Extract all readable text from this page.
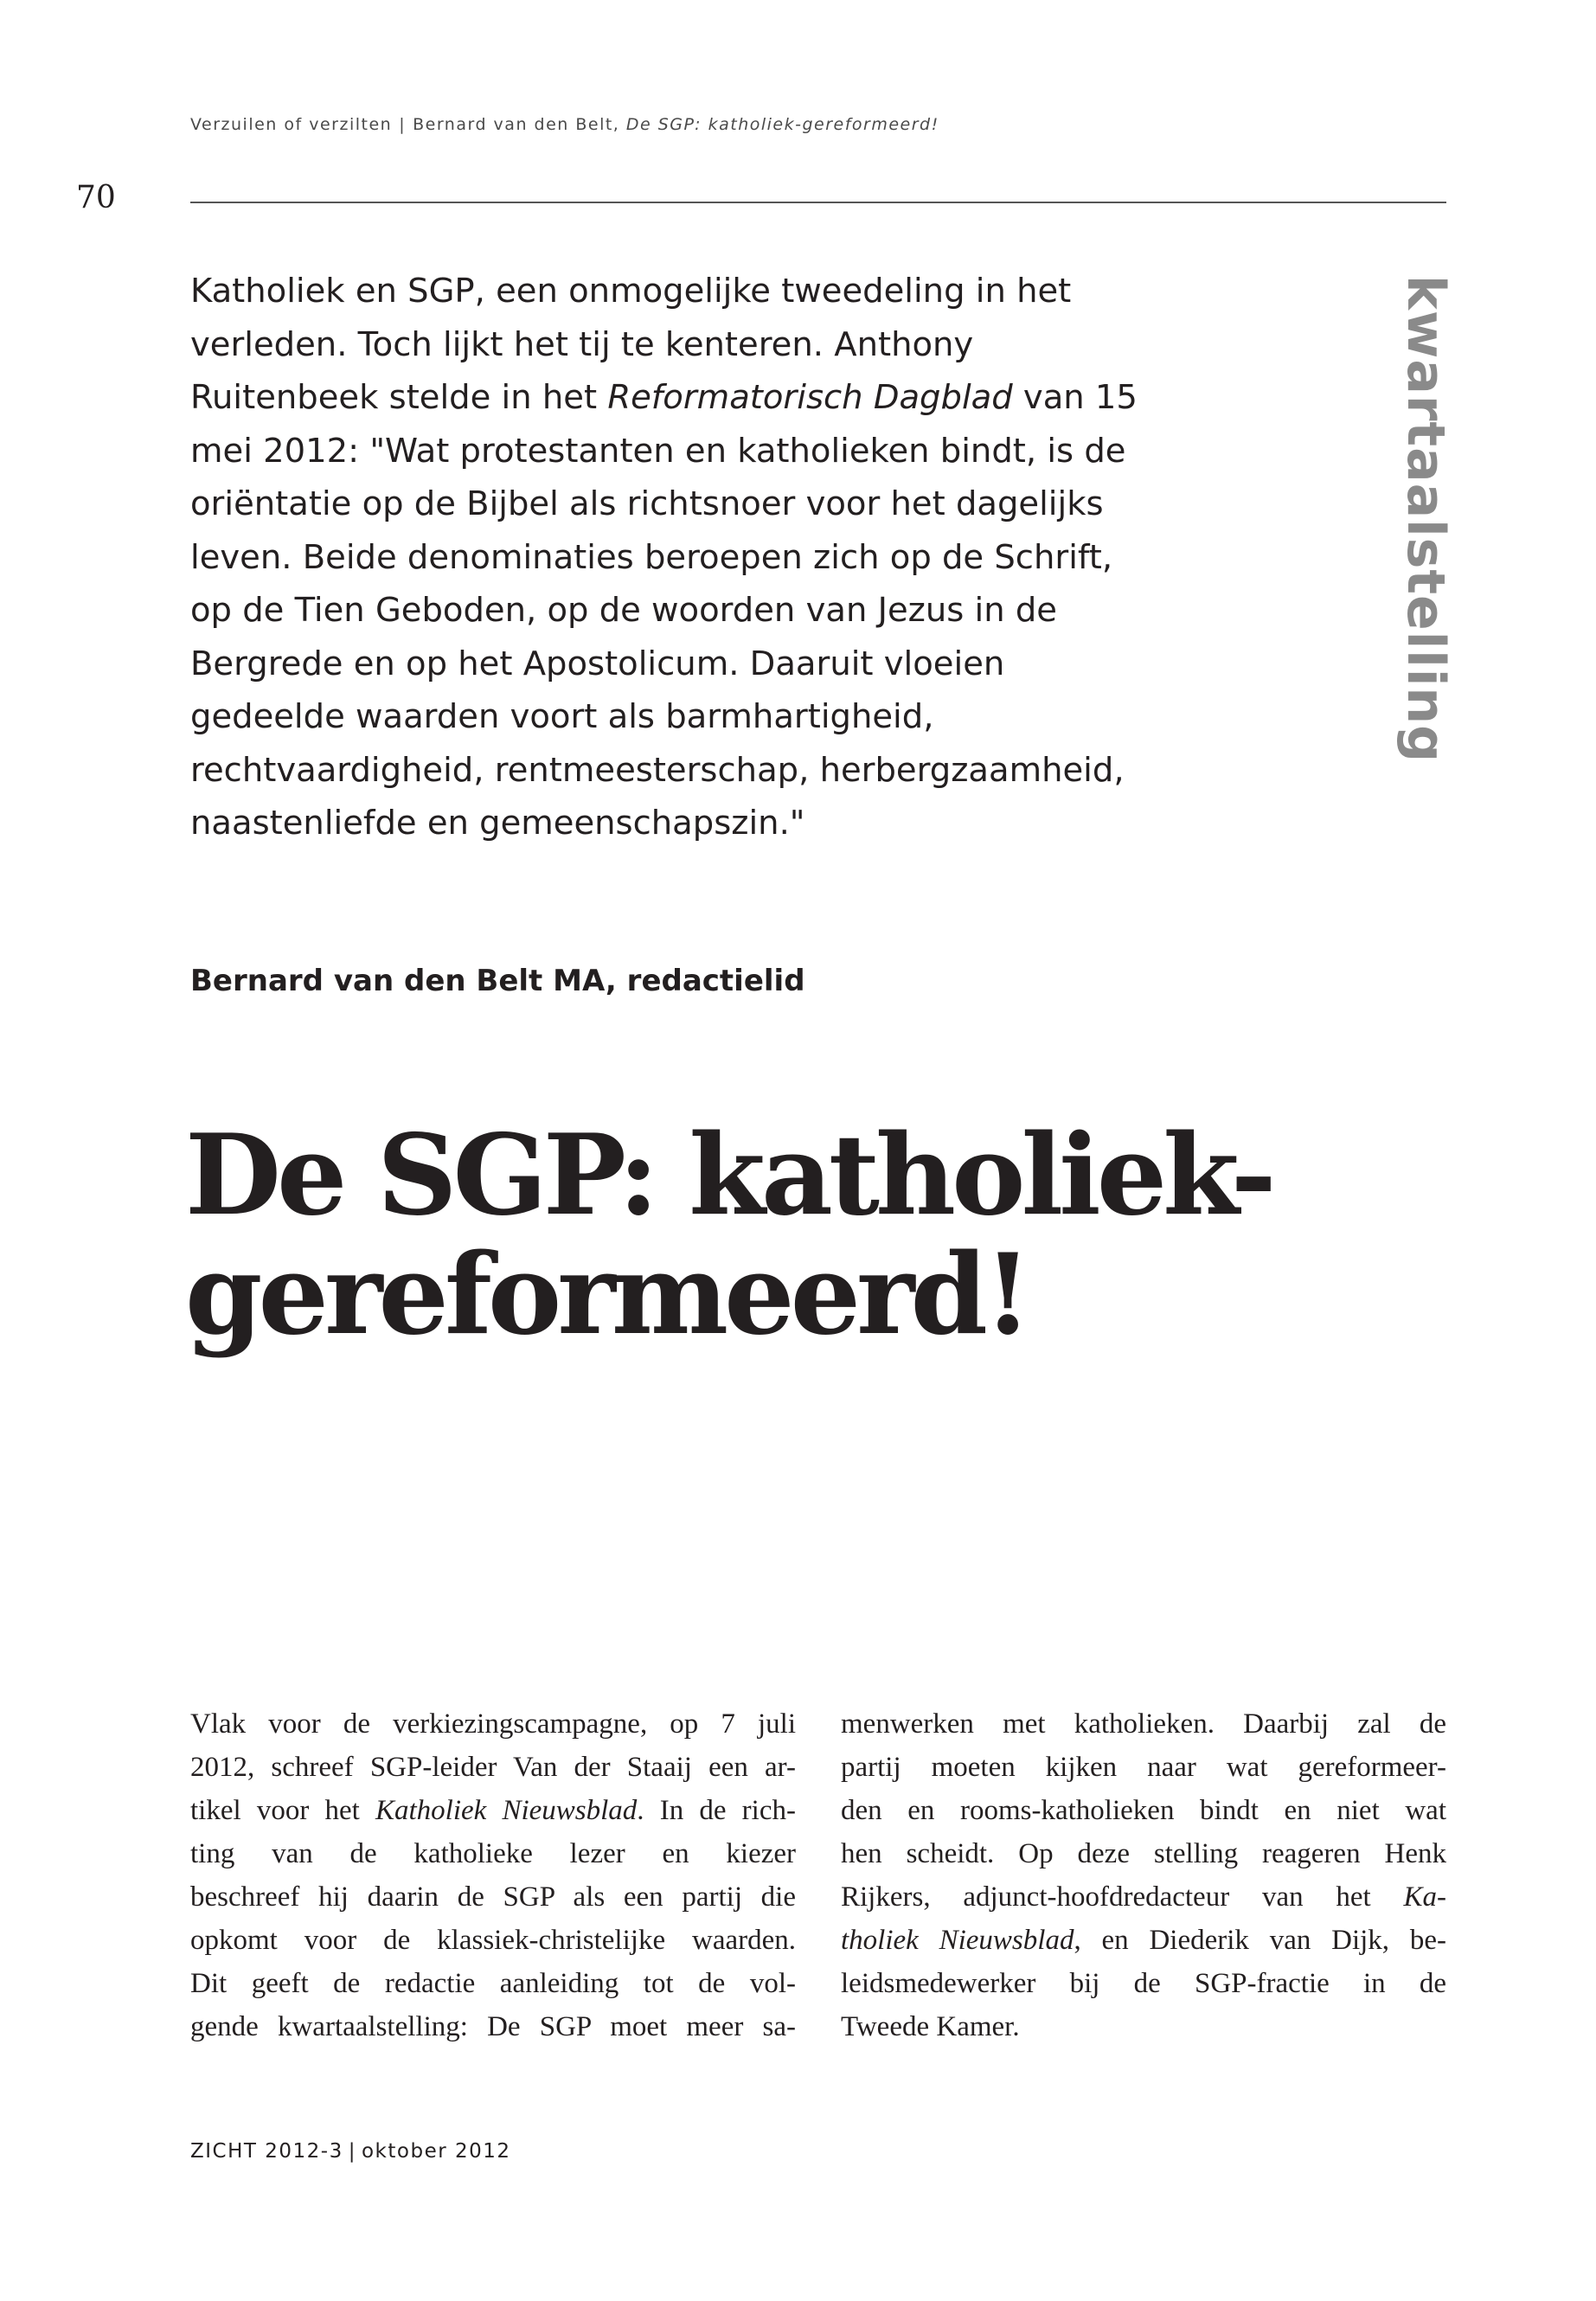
Verzuilen of verzilten | Bernard van den Belt, De SGP: katholiek-gereformeerd!
70

Katholiek en SGP, een onmogelijke tweedeling in het
verleden. Toch lijkt het tij te kenteren. Anthony
Ruitenbeek stelde in het Reformatorisch Dagblad van 15
mei 2012: "Wat protestanten en katholieken bindt, is de
oriëntatie op de Bijbel als richtsnoer voor het dagelijks
leven. Beide denominaties beroepen zich op de Schrift,
op de Tien Geboden, op de woorden van Jezus in de
Bergrede en op het Apostolicum. Daaruit vloeien
gedeelde waarden voort als barmhartigheid,
rechtvaardigheid, rentmeesterschap, herbergzaamheid,
naastenliefde en gemeenschapszin."

kwartaalstelling
Bernard van den Belt MA, redactielid
De SGP: katholiek-
gereformeerd!

Vlak voor de verkiezingscampagne, op 7 juli
2012, schreef SGP-leider Van der Staaij een ar-
tikel voor het Katholiek Nieuwsblad. In de rich-
ting van de katholieke lezer en kiezer
beschreef hij daarin de SGP als een partij die
opkomt voor de klassiek-christelijke waarden.
Dit geeft de redactie aanleiding tot de vol-
gende kwartaalstelling: De SGP moet meer sa-

menwerken met katholieken. Daarbij zal de
partij moeten kijken naar wat gereformeer-
den en rooms-katholieken bindt en niet wat
hen scheidt. Op deze stelling reageren Henk
Rijkers, adjunct-hoofdredacteur van het Ka-
tholiek Nieuwsblad, en Diederik van Dijk, be-
leidsmedewerker bij de SGP-fractie in de
Tweede Kamer.

ZICHT 2012-3 | oktober 2012
